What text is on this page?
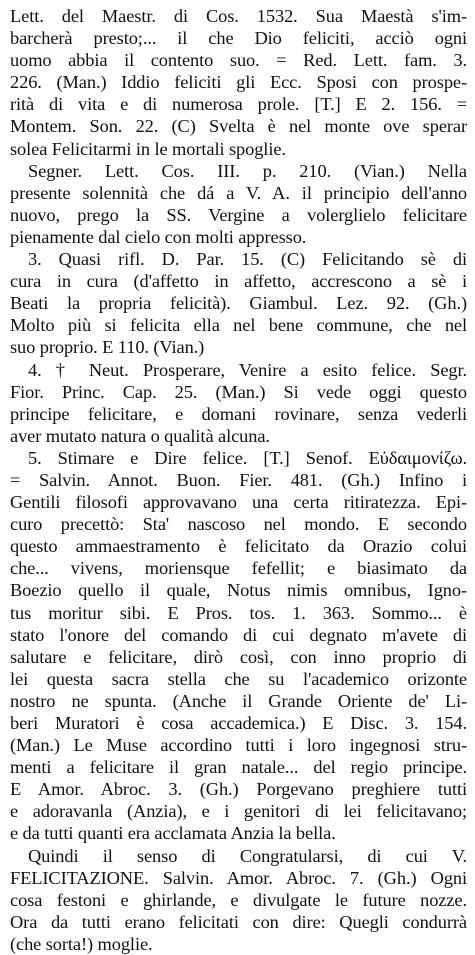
Lett. del Maestr. di Cos. 1532. Sua Maestà s'im-
barcherà presto;... il che Dio feliciti, acciò ogni
uomo abbia il contento suo. = Red. Lett. fam. 3.
226. (Man.) Iddio feliciti gli Ecc. Sposi con prospe-
rità di vita e di numerosa prole. [T.] E 2. 156. =
Montem. Son. 22. (C) Svelta è nel monte ove sperar
solea Felicitarmi in le mortali spoglie.
Segner. Lett. Cos. III. p. 210. (Vian.) Nella
presente solennità che dá a V. A. il principio dell'anno
nuovo, prego la SS. Vergine a volerglielo felicitare
pienamente dal cielo con molti appresso.
3. Quasi rifl. D. Par. 15. (C) Felicitando sè di
cura in cura (d'affetto in affetto, accrescono a sè i
Beati la propria felicità). Giambul. Lez. 92. (Gh.)
Molto più si felicita ella nel bene commune, che nel
suo proprio. E 110. (Vian.)
4. † Neut. Prosperare, Venire a esito felice. Segr.
Fior. Princ. Cap. 25. (Man.) Si vede oggi questo
principe felicitare, e domani rovinare, senza vederli
aver mutato natura o qualità alcuna.
5. Stimare e Dire felice. [T.] Senof. Εὐδαιμονίζω.
= Salvin. Annot. Buon. Fier. 481. (Gh.) Infino i
Gentili filosofi approvavano una certa ritiratezza. Epi-
curo precettò: Sta' nascoso nel mondo. E secondo
questo ammaestramento è felicitato da Orazio colui
che... vivens, moriensque fefellit; e biasimato da
Boezio quello il quale, Notus nimis omnibus, Igno-
tus moritur sibi. E Pros. tos. 1. 363. Sommo... è
stato l'onore del comando di cui degnato m'avete di
salutare e felicitare, dirò così, con inno proprio di
lei questa sacra stella che su l'academico orizonte
nostro ne spunta. (Anche il Grande Oriente de' Li-
beri Muratori è cosa accademica.) E Disc. 3. 154.
(Man.) Le Muse accordino tutti i loro ingegnosi stru-
menti a felicitare il gran natale... del regio principe.
E Amor. Abroc. 3. (Gh.) Porgevano preghiere tutti
e adoravanla (Anzia), e i genitori di lei felicitavano;
e da tutti quanti era acclamata Anzia la bella.
Quindi il senso di Congratularsi, di cui V.
FELICITAZIONE. Salvin. Amor. Abroc. 7. (Gh.) Ogni
cosa festoni e ghirlande, e divulgate le future nozze.
Ora da tutti erano felicitati con dire: Quegli condurrà
(che sorta!) moglie.
